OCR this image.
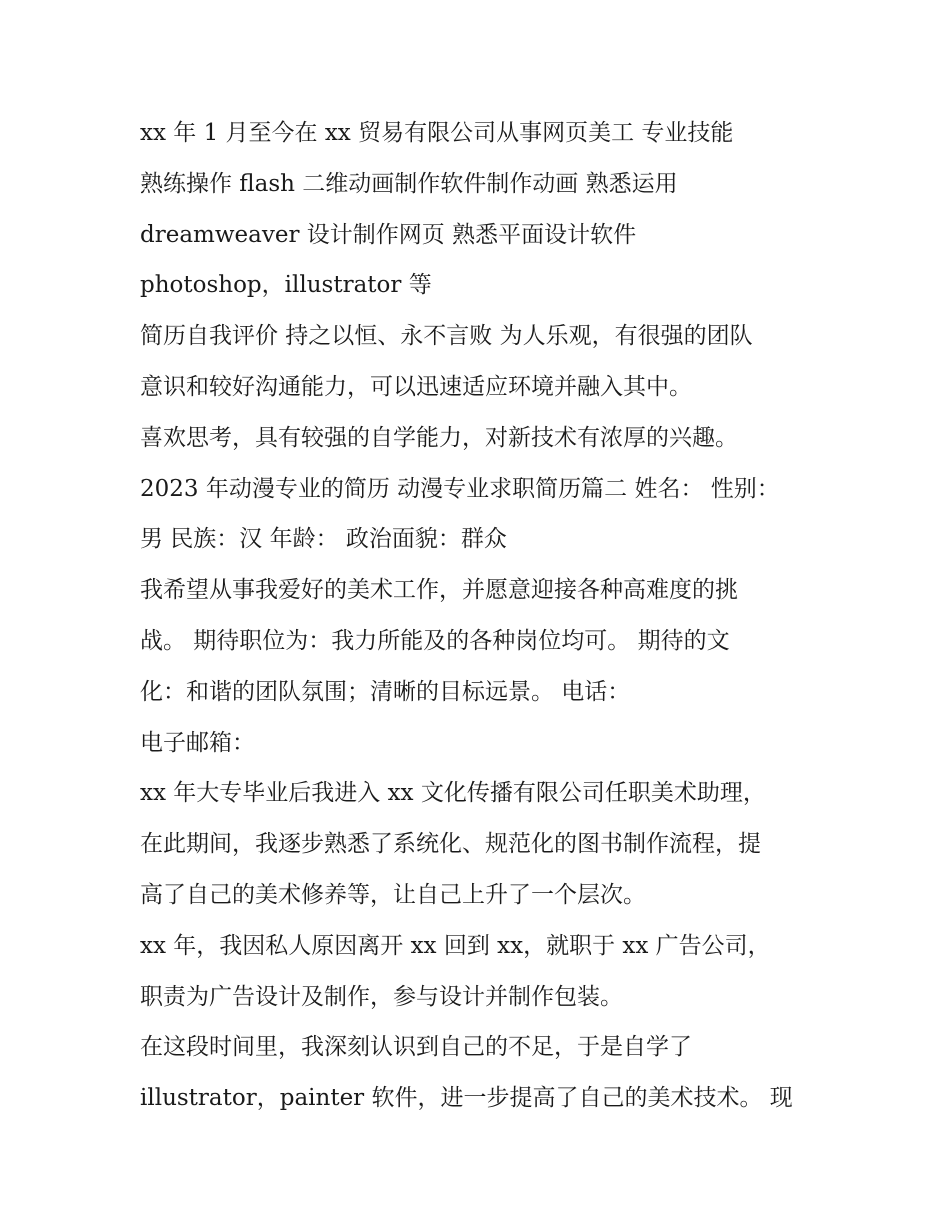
xx 年 1 月至今在 xx 贸易有限公司从事网页美工 专业技能
熟练操作 flash 二维动画制作软件制作动画 熟悉运用
dreamweaver 设计制作网页 熟悉平面设计软件
photoshop，illustrator 等
简历自我评价 持之以恒、永不言败 为人乐观，有很强的团队
意识和较好沟通能力，可以迅速适应环境并融入其中。
喜欢思考，具有较强的自学能力，对新技术有浓厚的兴趣。
2023 年动漫专业的简历 动漫专业求职简历篇二 姓名： 性别：
男 民族：汉 年龄： 政治面貌：群众
我希望从事我爱好的美术工作，并愿意迎接各种高难度的挑
战。 期待职位为：我力所能及的各种岗位均可。 期待的文
化：和谐的团队氛围；清晰的目标远景。 电话：
电子邮箱：
xx 年大专毕业后我进入 xx 文化传播有限公司任职美术助理，
在此期间，我逐步熟悉了系统化、规范化的图书制作流程，提
高了自己的美术修养等，让自己上升了一个层次。
xx 年，我因私人原因离开 xx 回到 xx，就职于 xx 广告公司，
职责为广告设计及制作，参与设计并制作包装。
在这段时间里，我深刻认识到自己的不足，于是自学了
illustrator，painter 软件，进一步提高了自己的美术技术。 现
